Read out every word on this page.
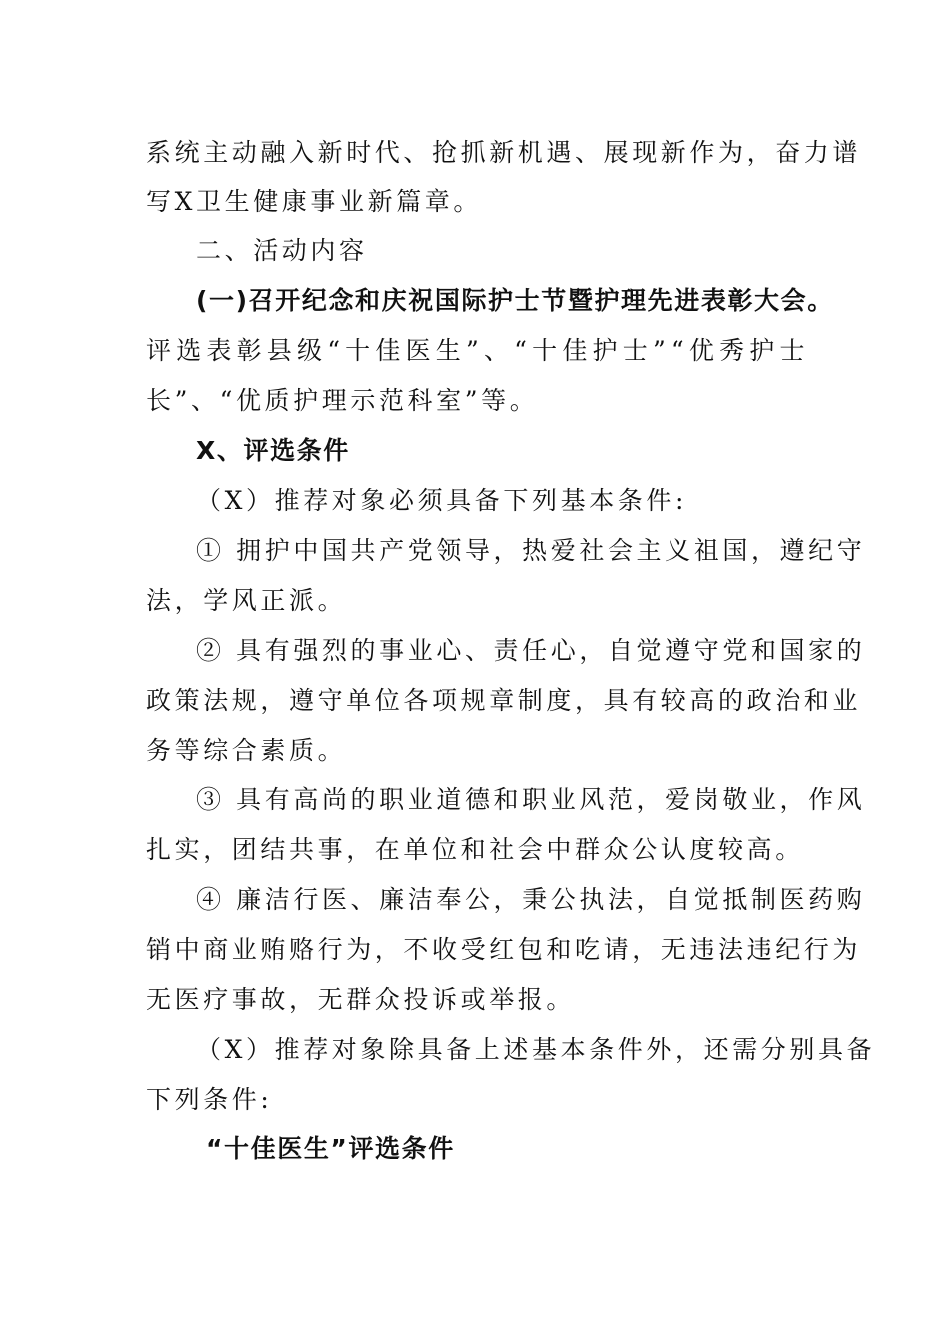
系统主动融入新时代、抢抓新机遇、展现新作为，奋力谱
写X卫生健康事业新篇章。
二、活动内容
(一)召开纪念和庆祝国际护士节暨护理先进表彰大会。
评选表彰县级“十佳医生”、“十佳护士”“优秀护士
长”、“优质护理示范科室”等。
X、评选条件
（X）推荐对象必须具备下列基本条件:
① 拥护中国共产党领导，热爱社会主义祖国，遵纪守
法，学风正派。
② 具有强烈的事业心、责任心，自觉遵守党和国家的
政策法规，遵守单位各项规章制度，具有较高的政治和业
务等综合素质。
③ 具有高尚的职业道德和职业风范，爱岗敬业，作风
扎实，团结共事，在单位和社会中群众公认度较高。
④ 廉洁行医、廉洁奉公，秉公执法，自觉抵制医药购
销中商业贿赂行为，不收受红包和吃请，无违法违纪行为
无医疗事故，无群众投诉或举报。
（X）推荐对象除具备上述基本条件外，还需分别具备
下列条件:
“十佳医生”评选条件
